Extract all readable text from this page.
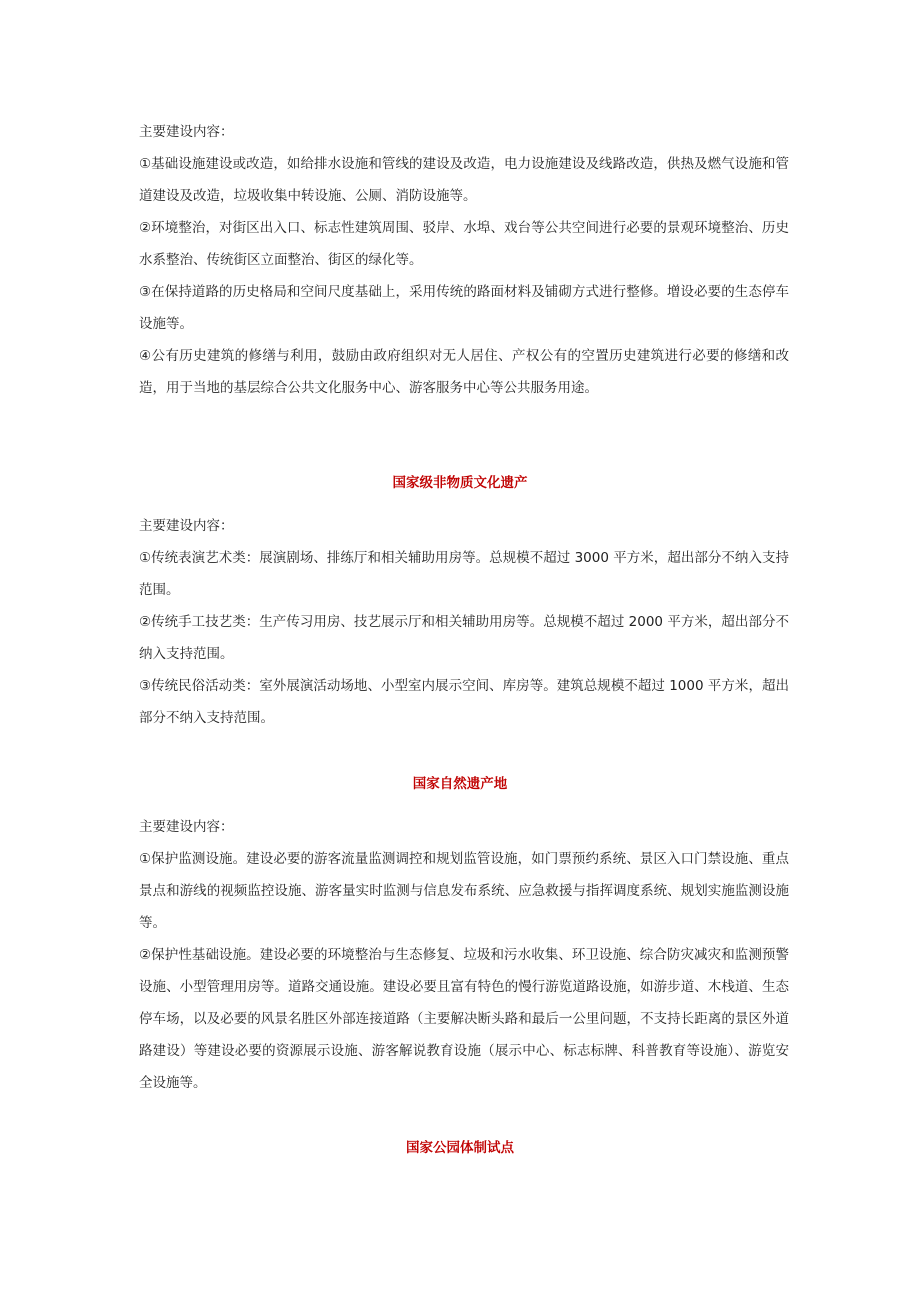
主要建设内容：

①基础设施建设或改造，如给排水设施和管线的建设及改造，电力设施建设及线路改造，供热及燃气设施和管道建设及改造，垃圾收集中转设施、公厕、消防设施等。

②环境整治，对街区出入口、标志性建筑周围、驳岸、水埠、戏台等公共空间进行必要的景观环境整治、历史水系整治、传统街区立面整治、街区的绿化等。

③在保持道路的历史格局和空间尺度基础上，采用传统的路面材料及铺砌方式进行整修。增设必要的生态停车设施等。

④公有历史建筑的修缮与利用，鼓励由政府组织对无人居住、产权公有的空置历史建筑进行必要的修缮和改造，用于当地的基层综合公共文化服务中心、游客服务中心等公共服务用途。

国家级非物质文化遗产

主要建设内容：

①传统表演艺术类：展演剧场、排练厅和相关辅助用房等。总规模不超过 3000 平方米，超出部分不纳入支持范围。

②传统手工技艺类：生产传习用房、技艺展示厅和相关辅助用房等。总规模不超过 2000 平方米，超出部分不纳入支持范围。

③传统民俗活动类：室外展演活动场地、小型室内展示空间、库房等。建筑总规模不超过 1000 平方米，超出部分不纳入支持范围。

国家自然遗产地

主要建设内容：

①保护监测设施。建设必要的游客流量监测调控和规划监管设施，如门票预约系统、景区入口门禁设施、重点景点和游线的视频监控设施、游客量实时监测与信息发布系统、应急救援与指挥调度系统、规划实施监测设施等。

②保护性基础设施。建设必要的环境整治与生态修复、垃圾和污水收集、环卫设施、综合防灾减灾和监测预警设施、小型管理用房等。道路交通设施。建设必要且富有特色的慢行游览道路设施，如游步道、木栈道、生态停车场，以及必要的风景名胜区外部连接道路（主要解决断头路和最后一公里问题，不支持长距离的景区外道路建设）等建设必要的资源展示设施、游客解说教育设施（展示中心、标志标牌、科普教育等设施）、游览安全设施等。

国家公园体制试点
